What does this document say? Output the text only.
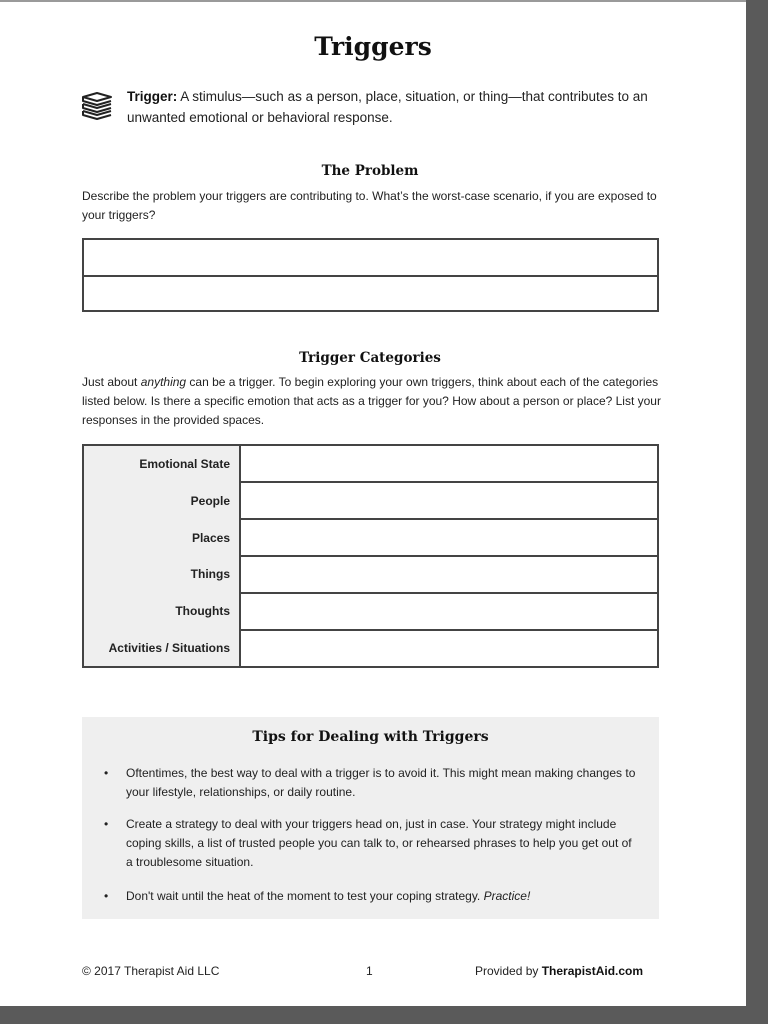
Triggers
Trigger: A stimulus—such as a person, place, situation, or thing—that contributes to an unwanted emotional or behavioral response.
The Problem
Describe the problem your triggers are contributing to. What’s the worst-case scenario, if you are exposed to your triggers?
Trigger Categories
Just about anything can be a trigger. To begin exploring your own triggers, think about each of the categories listed below. Is there a specific emotion that acts as a trigger for you? How about a person or place? List your responses in the provided spaces.
Emotional State
People
Places
Things
Thoughts
Activities / Situations
Tips for Dealing with Triggers
• Oftentimes, the best way to deal with a trigger is to avoid it. This might mean making changes to your lifestyle, relationships, or daily routine.
• Create a strategy to deal with your triggers head on, just in case. Your strategy might include coping skills, a list of trusted people you can talk to, or rehearsed phrases to help you get out of a troublesome situation.
• Don't wait until the heat of the moment to test your coping strategy. Practice!
© 2017 Therapist Aid LLC	1	Provided by TherapistAid.com
